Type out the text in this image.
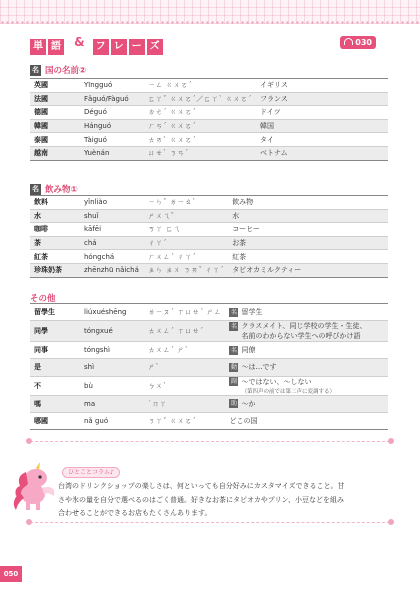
単 語 & フ レ ー ズ	030
名 国の名前②
英國	Yīngguó	ㄧㄥ ㄍㄨㄛˊ	イギリス
法國	Fǎguó/Fàguó	ㄈㄚˇ ㄍㄨㄛˊ／ㄈㄚˋ ㄍㄨㄛˊ	フランス
德國	Déguó	ㄉㄜˊ ㄍㄨㄛˊ	ドイツ
韓國	Hánguó	ㄏㄢˊ ㄍㄨㄛˊ	韓国
泰國	Tàiguó	ㄊㄞˋ ㄍㄨㄛˊ	タイ
越南	Yuènán	ㄩㄝˋ ㄋㄢˊ	ベトナム
名 飲み物①
飲料	yǐnliào	ㄧㄣˇ ㄌㄧㄠˋ	飲み物
水	shuǐ	ㄕㄨㄟˇ	水
咖啡	kāfēi	ㄎㄚ ㄈㄟ	コーヒー
茶	chá	ㄔㄚˊ	お茶
紅茶	hóngchá	ㄏㄨㄥˊ ㄔㄚˊ	紅茶
珍珠奶茶	zhēnzhū nǎichá	ㄓㄣ ㄓㄨ ㄋㄞˇ ㄔㄚˊ	タピオカミルクティー
その他
留學生	liúxuéshēng	ㄌㄧㄡˊ ㄒㄩㄝˊ ㄕㄥ	名 留学生
同學	tóngxué	ㄊㄨㄥˊ ㄒㄩㄝˊ	名 クラスメイト、同じ学校の学生・生徒、
名前のわからない学生への呼びかけ語
同事	tóngshì	ㄊㄨㄥˊ ㄕˋ	名 同僚
是	shì	ㄕˋ	動 ～は…です
不	bù	ㄅㄨˋ	副 ～ではない、～しない
（第四声の前では第二声に変調する）
嗎	ma	˙ㄇㄚ	助 ～か
哪國	nǎ guó	ㄋㄚˇ ㄍㄨㄛˊ	どこの国
ひとことコラム♪
台湾のドリンクショップの楽しさは、何といっても自分好みにカスタマイズできること。甘
さや氷の量を自分で選べるのはごく普通。好きなお茶にタピオカやプリン、小豆などを組み
合わせることができるお店もたくさんあります。
050
